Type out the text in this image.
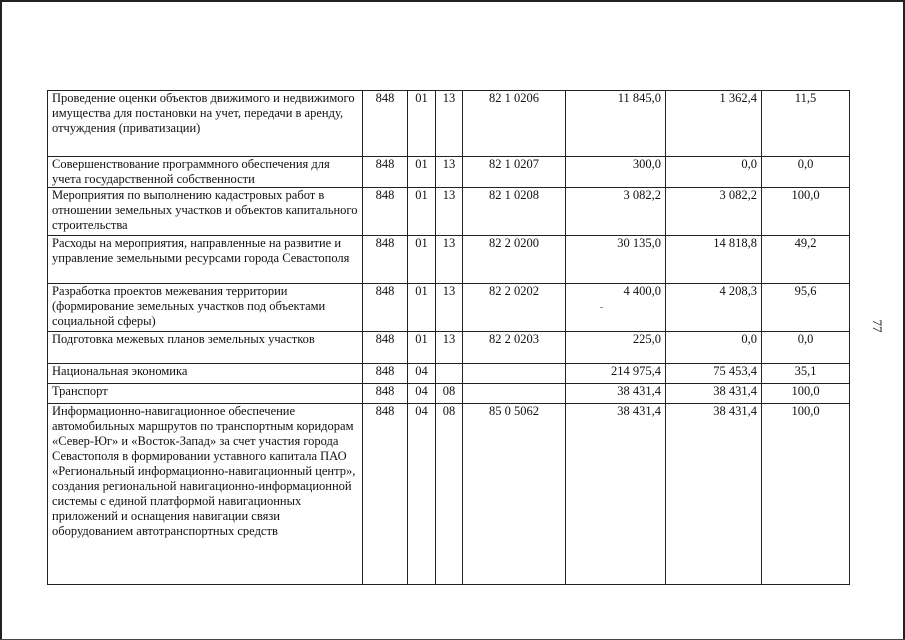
77
Проведение оценки объектов движимого и недвижимого имущества для постановки на учет, передачи в аренду, отчуждения (приватизации)	848	01	13	82 1 0206	11 845,0	1 362,4	11,5
Совершенствование программного обеспечения для учета государственной собственности	848	01	13	82 1 0207	300,0	0,0	0,0
Мероприятия по выполнению кадастровых работ в отношении земельных участков и объектов капитального строительства	848	01	13	82 1 0208	3 082,2	3 082,2	100,0
Расходы на мероприятия, направленные на развитие и управление земельными ресурсами города Севастополя	848	01	13	82 2 0200	30 135,0	14 818,8	49,2
Разработка проектов межевания территории (формирование земельных участков под объектами социальной сферы)	848	01	13	82 2 0202	4 400,0	4 208,3	95,6
Подготовка межевых планов земельных участков	848	01	13	82 2 0203	225,0	0,0	0,0
Национальная экономика	848	04			214 975,4	75 453,4	35,1
Транспорт	848	04	08		38 431,4	38 431,4	100,0
Информационно-навигационное обеспечение автомобильных маршрутов по транспортным коридорам «Север-Юг» и «Восток-Запад» за счет участия города Севастополя в формировании уставного капитала ПАО «Региональный информационно-навигационный центр», создания региональной навигационно-информационной системы с единой платформой навигационных приложений и оснащения навигации связи оборудованием автотранспортных средств	848	04	08	85 0 5062	38 431,4	38 431,4	100,0
